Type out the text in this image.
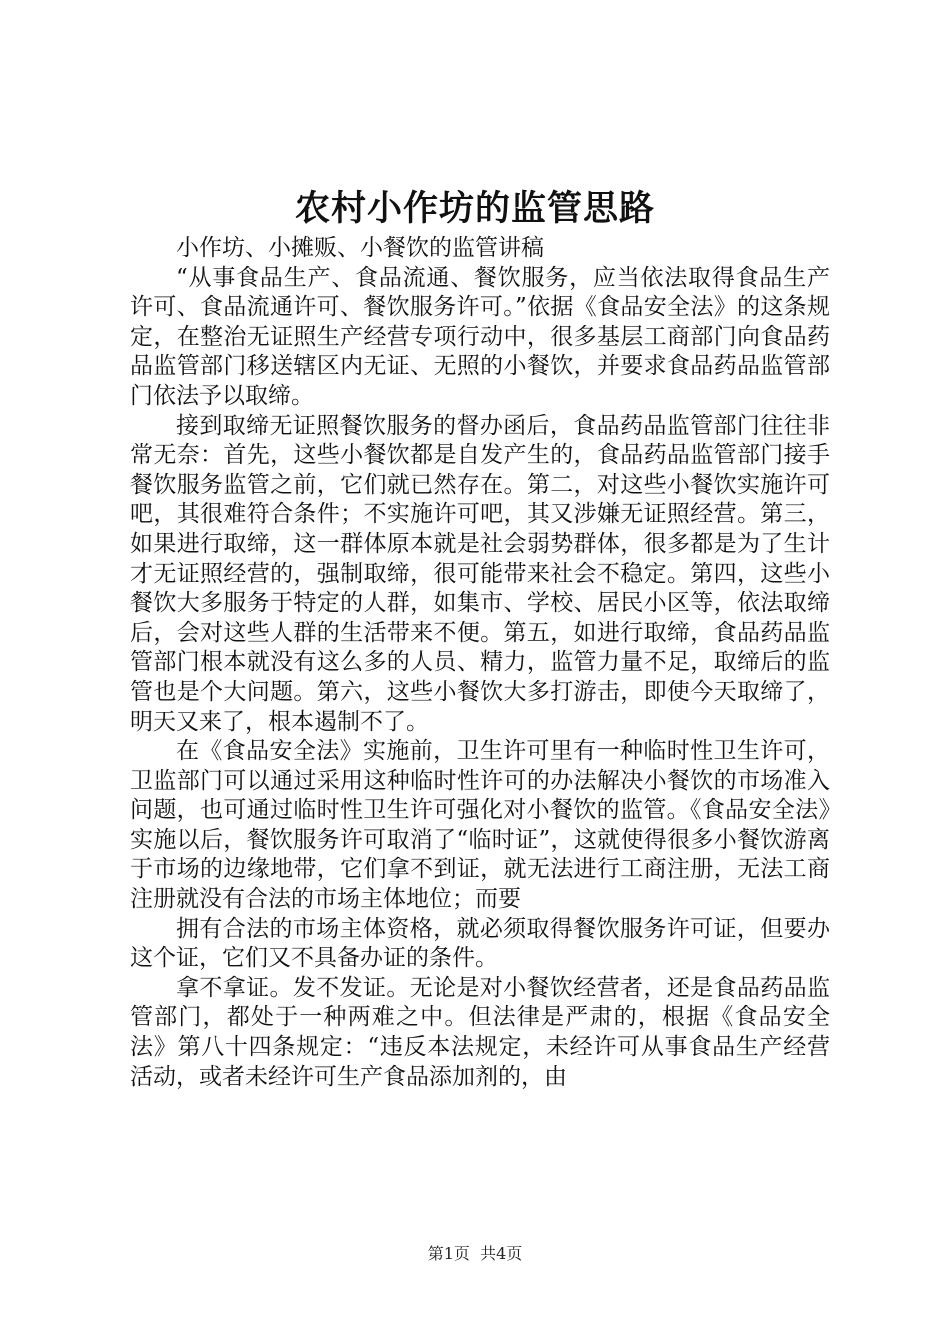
农村小作坊的监管思路

小作坊、小摊贩、小餐饮的监管讲稿

“从事食品生产、食品流通、餐饮服务，应当依法取得食品生产许可、食品流通许可、餐饮服务许可。”依据《食品安全法》的这条规定，在整治无证照生产经营专项行动中，很多基层工商部门向食品药品监管部门移送辖区内无证、无照的小餐饮，并要求食品药品监管部门依法予以取缔。

接到取缔无证照餐饮服务的督办函后，食品药品监管部门往往非常无奈：首先，这些小餐饮都是自发产生的，食品药品监管部门接手餐饮服务监管之前，它们就已然存在。第二，对这些小餐饮实施许可吧，其很难符合条件；不实施许可吧，其又涉嫌无证照经营。第三，如果进行取缔，这一群体原本就是社会弱势群体，很多都是为了生计才无证照经营的，强制取缔，很可能带来社会不稳定。第四，这些小餐饮大多服务于特定的人群，如集市、学校、居民小区等，依法取缔后，会对这些人群的生活带来不便。第五，如进行取缔，食品药品监管部门根本就没有这么多的人员、精力，监管力量不足，取缔后的监管也是个大问题。第六，这些小餐饮大多打游击，即使今天取缔了，明天又来了，根本遏制不了。

在《食品安全法》实施前，卫生许可里有一种临时性卫生许可，卫监部门可以通过采用这种临时性许可的办法解决小餐饮的市场准入问题，也可通过临时性卫生许可强化对小餐饮的监管。《食品安全法》实施以后，餐饮服务许可取消了“临时证”，这就使得很多小餐饮游离于市场的边缘地带，它们拿不到证，就无法进行工商注册，无法工商注册就没有合法的市场主体地位；而要

拥有合法的市场主体资格，就必须取得餐饮服务许可证，但要办这个证，它们又不具备办证的条件。

拿不拿证。发不发证。无论是对小餐饮经营者，还是食品药品监管部门，都处于一种两难之中。但法律是严肃的，根据《食品安全法》第八十四条规定：“违反本法规定，未经许可从事食品生产经营活动，或者未经许可生产食品添加剂的，由

第1页  共4页
